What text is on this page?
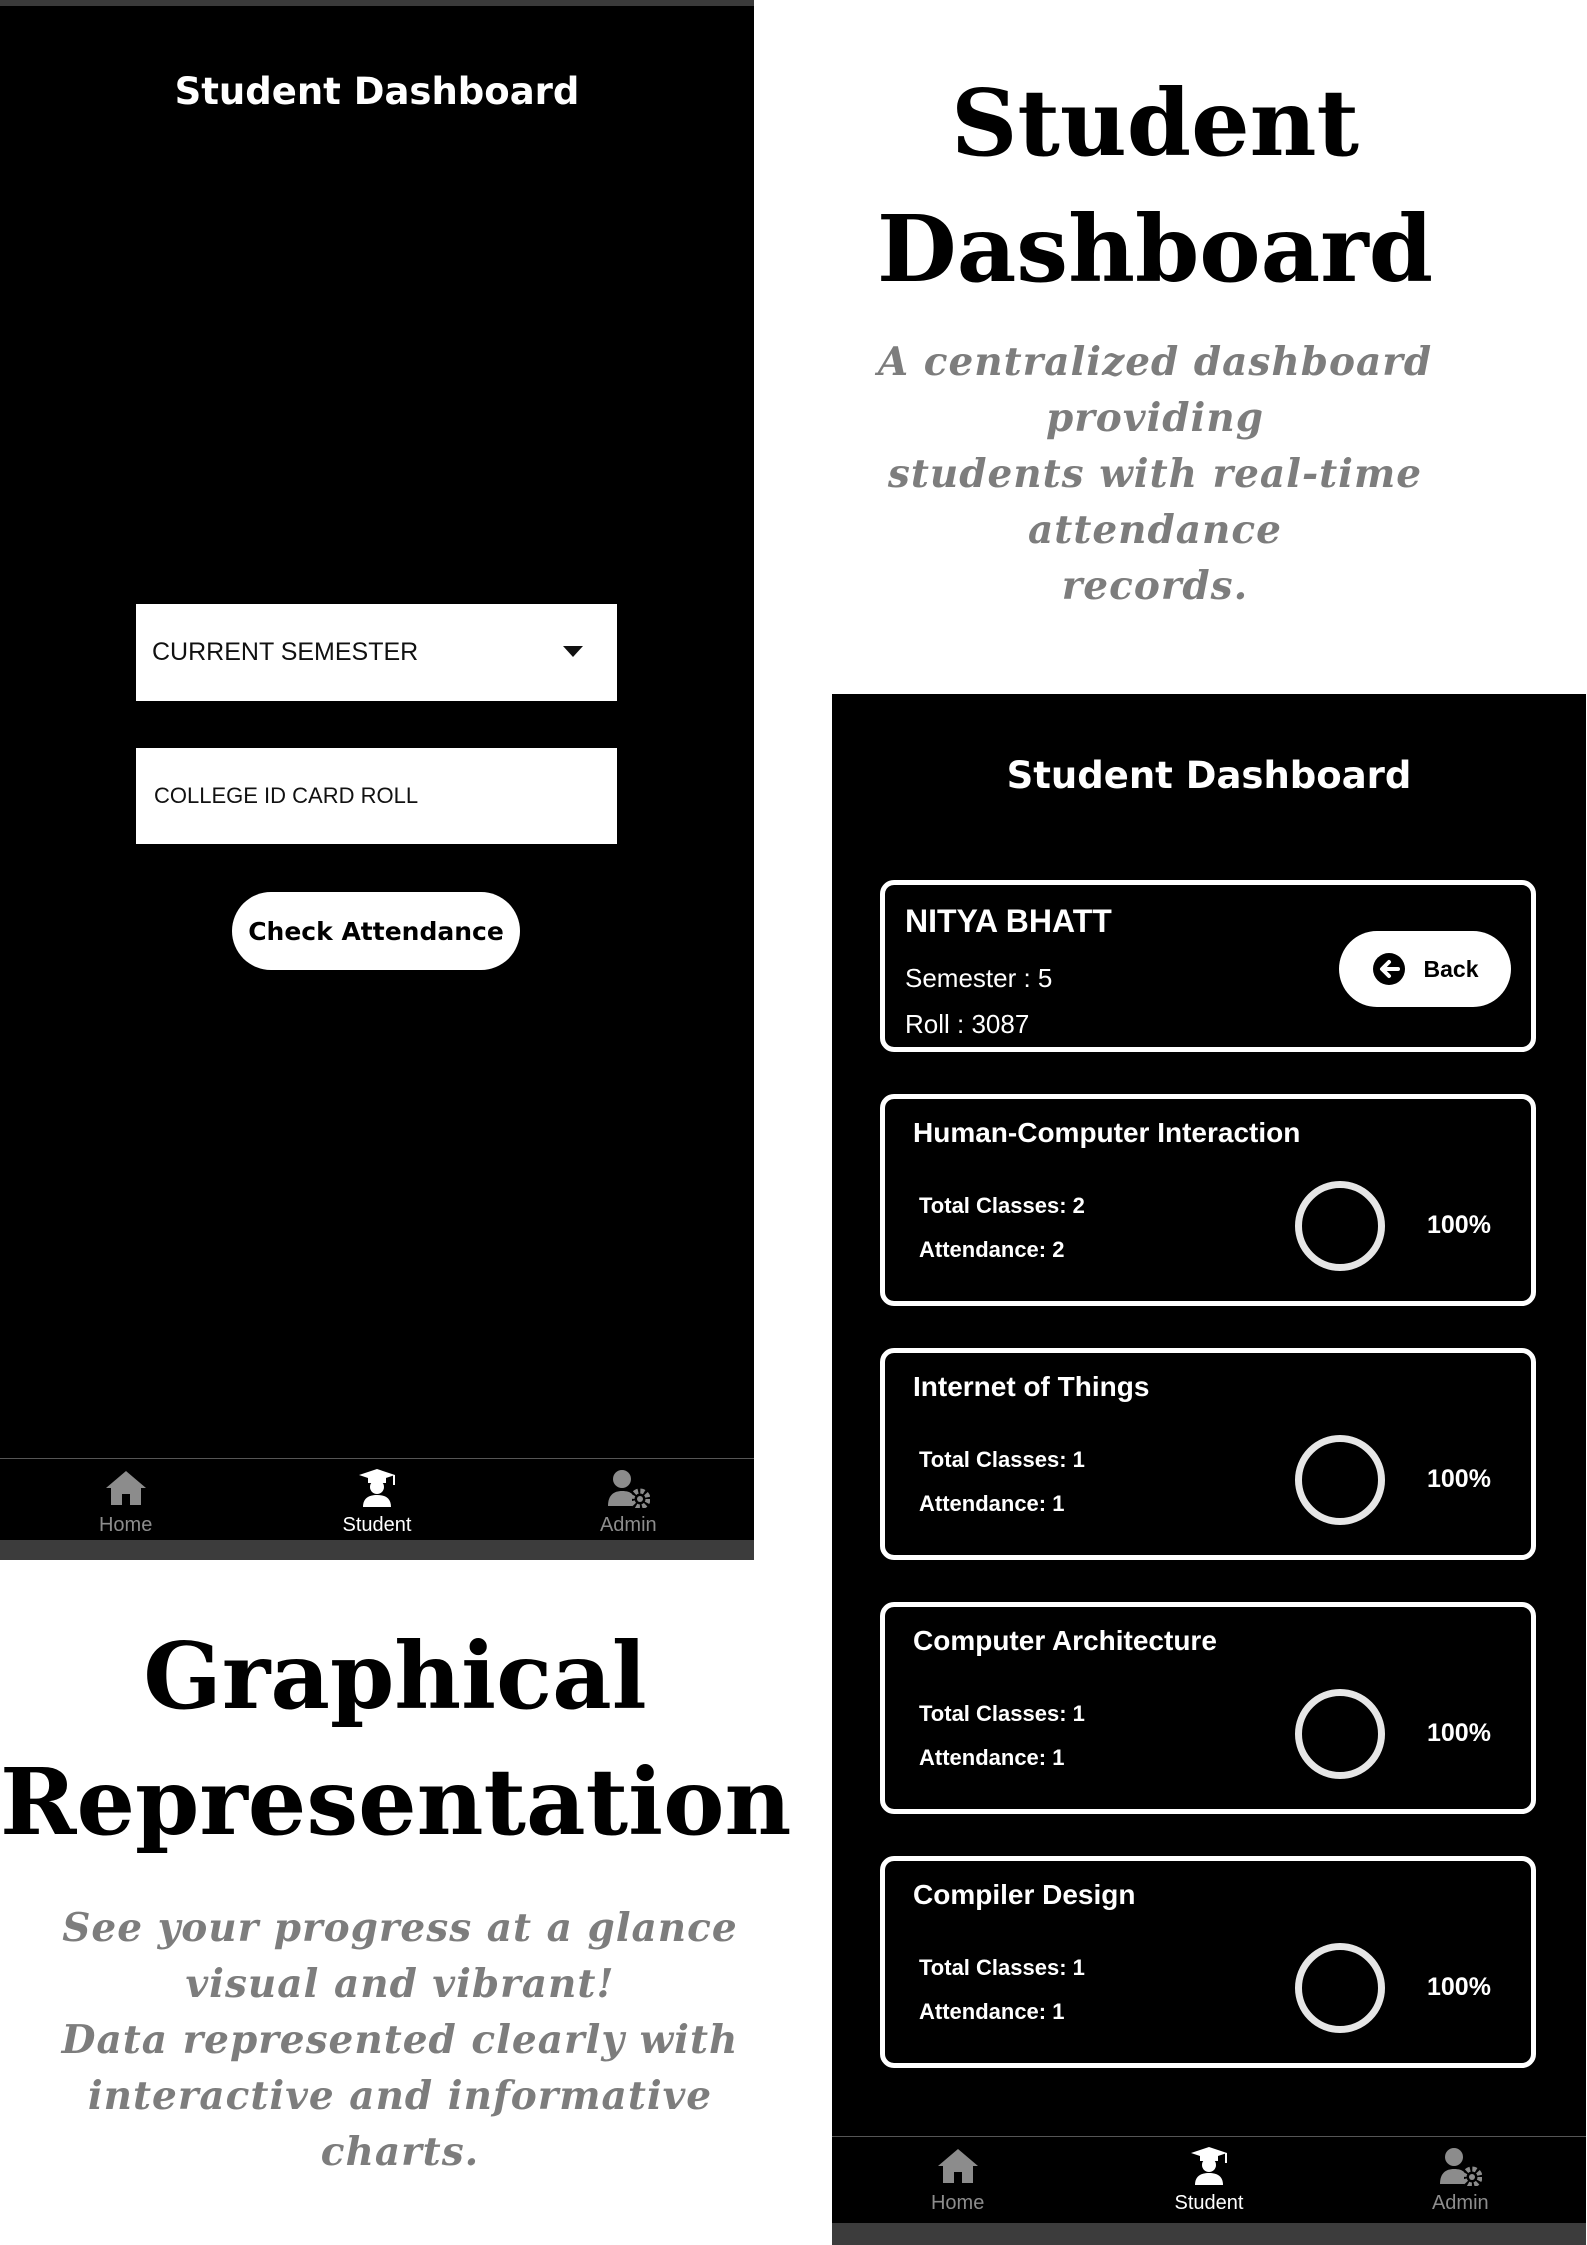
Student Dashboard
CURRENT SEMESTER
COLLEGE ID CARD ROLL
Check Attendance
Home	Student	Admin
Student
Dashboard
A centralized dashboard providing
students with real-time attendance
records.
Graphical
Representation
See your progress at a glance
visual and vibrant!
Data represented clearly with
interactive and informative charts.
Student Dashboard
NITYA BHATT
Semester : 5
Roll : 3087
Back
Human-Computer Interaction
Total Classes: 2
Attendance: 2
100%
Internet of Things
Total Classes: 1
Attendance: 1
100%
Computer Architecture
Total Classes: 1
Attendance: 1
100%
Compiler Design
Total Classes: 1
Attendance: 1
100%
Home	Student	Admin
